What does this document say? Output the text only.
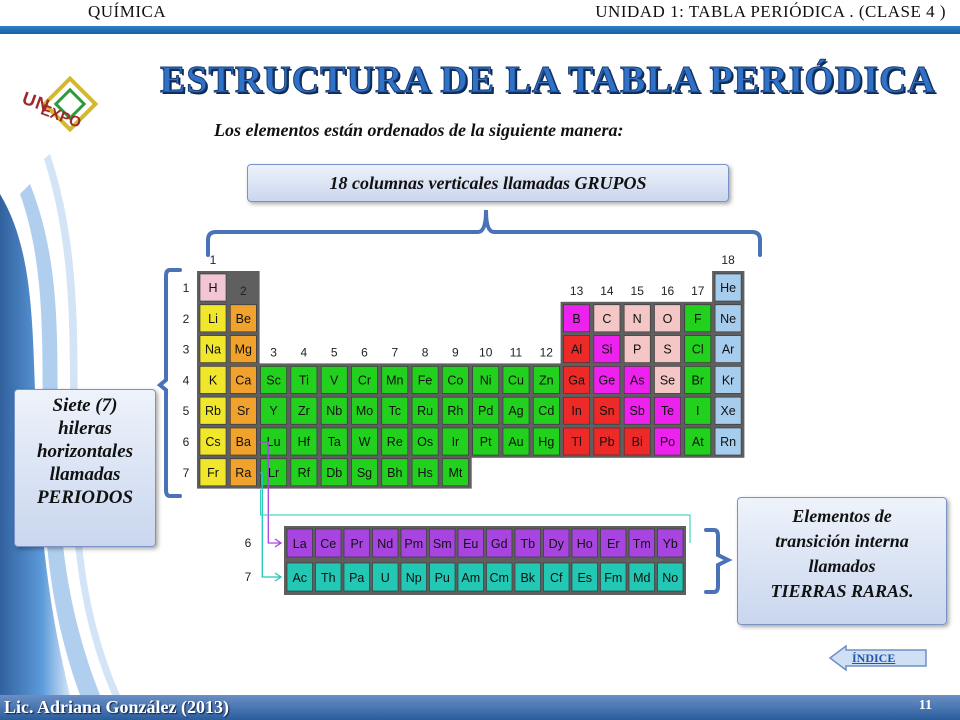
UN
EXPO
QUÍMICA	UNIDAD 1: TABLA PERIÓDICA . (CLASE 4 )
ESTRUCTURA DE LA TABLA PERIÓDICA
Los elementos están ordenados de la siguiente manera:
18 columnas verticales llamadas GRUPOS
1
2
3 4 5 6 7 8 9 10 11 12
13 14 15 16 17
18
1
2
3
4
5
6
7
H	He
Li Be	B C N O F Ne
Na Mg	Al Si P S Cl Ar
K Ca Sc Ti V Cr Mn Fe Co Ni Cu Zn Ga Ge As Se Br Kr
Rb Sr Y Zr Nb Mo Tc Ru Rh Pd Ag Cd In Sn Sb Te I Xe
Cs Ba Lu Hf Ta W Re Os Ir Pt Au Hg Tl Pb Bi Po At Rn
Fr Ra Lr Rf Db Sg Bh Hs Mt
6
7
La Ce Pr Nd Pm Sm Eu Gd Tb Dy Ho Er Tm Yb
Ac Th Pa U Np Pu Am Cm Bk Cf Es Fm Md No
Siete (7)
hileras
horizontales
llamadas
PERIODOS
Elementos de
transición interna
llamados
TIERRAS RARAS.
ÍNDICE
Lic. Adriana González (2013)	11
